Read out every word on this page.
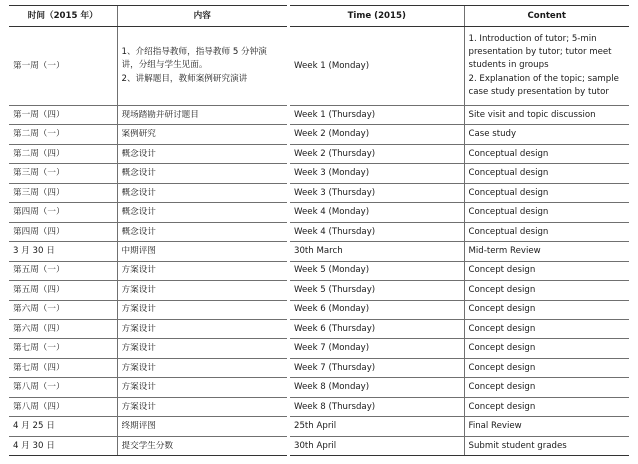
时间（2015 年）	内容

第一周（一）	1、介绍指导教师，指导教师 5 分钟演 讲，分组与学生见面。
2、讲解题目，教师案例研究演讲

第一周（四）	现场踏勘并研讨题目

第二周（一）	案例研究

第二周（四）	概念设计

第三周（一）	概念设计

第三周（四）	概念设计

第四周（一）	概念设计

第四周（四）	概念设计

3 月 30 日	中期评图

第五周（一）	方案设计

第五周（四）	方案设计

第六周（一）	方案设计

第六周（四）	方案设计

第七周（一）	方案设计

第七周（四）	方案设计

第八周（一）	方案设计

第八周（四）	方案设计

4 月 25 日	终期评图

4 月 30 日	提交学生分数
Time (2015)	Content

Week 1 (Monday)	1. Introduction of tutor; 5-min presentation by tutor; tutor meet students in groups
2. Explanation of the topic; sample case study presentation by tutor

Week 1 (Thursday)	Site visit and topic discussion

Week 2 (Monday)	Case study

Week 2 (Thursday)	Conceptual design

Week 3 (Monday)	Conceptual design

Week 3 (Thursday)	Conceptual design

Week 4 (Monday)	Conceptual design

Week 4 (Thursday)	Conceptual design

30th March	Mid-term Review

Week 5 (Monday)	Concept design

Week 5 (Thursday)	Concept design

Week 6 (Monday)	Concept design

Week 6 (Thursday)	Concept design

Week 7 (Monday)	Concept design

Week 7 (Thursday)	Concept design

Week 8 (Monday)	Concept design

Week 8 (Thursday)	Concept design

25th April	Final Review

30th April	Submit student grades
